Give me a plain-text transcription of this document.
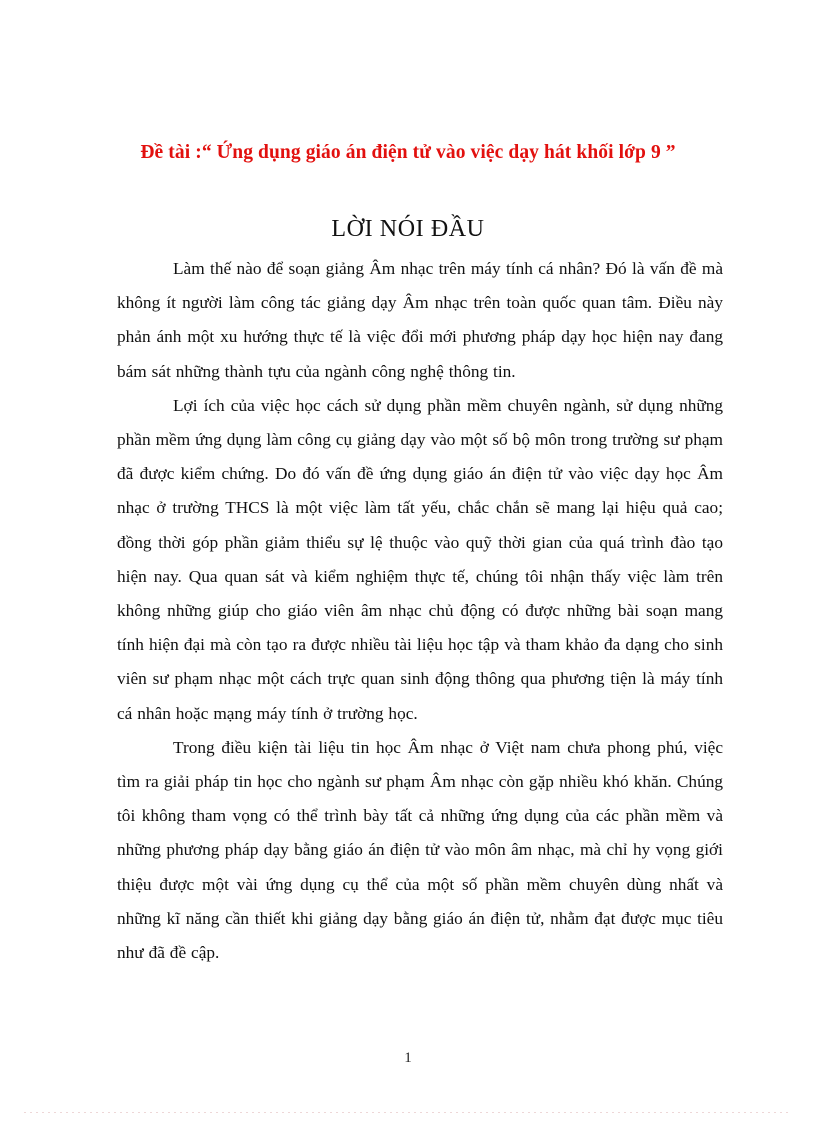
Đề tài :“ Ứng dụng giáo án điện tử vào việc dạy hát khối lớp 9 ”
LỜI NÓI ĐẦU

Làm thế nào để soạn giảng Âm nhạc trên máy tính cá nhân? Đó là vấn đề mà không ít người làm công tác giảng dạy Âm nhạc trên toàn quốc quan tâm. Điều này phản ánh một xu hướng thực tế là việc đổi mới phương pháp dạy học hiện nay đang bám sát những thành tựu của ngành công nghệ thông tin.

Lợi ích của việc học cách sử dụng phần mềm chuyên ngành, sử dụng những phần mềm ứng dụng làm công cụ giảng dạy vào một số bộ môn trong trường sư phạm đã được kiểm chứng. Do đó vấn đề ứng dụng giáo án điện tử vào việc dạy học Âm nhạc ở trường THCS là một việc làm tất yếu, chắc chắn sẽ mang lại hiệu quả cao; đồng thời góp phần giảm thiểu sự lệ thuộc vào quỹ thời gian của quá trình đào tạo hiện nay. Qua quan sát và kiểm nghiệm thực tế, chúng tôi nhận thấy việc làm trên không những giúp cho giáo viên âm nhạc chủ động có được những bài soạn mang tính hiện đại mà còn tạo ra được nhiều tài liệu học tập và tham khảo đa dạng cho sinh viên sư phạm nhạc một cách trực quan sinh động thông qua phương tiện là máy tính cá nhân hoặc mạng máy tính ở trường học.

Trong điều kiện tài liệu tin học Âm nhạc ở Việt nam chưa phong phú, việc tìm ra giải pháp tin học cho ngành sư phạm Âm nhạc còn gặp nhiều khó khăn. Chúng tôi không tham vọng có thể trình bày tất cả những ứng dụng của các phần mềm và những phương pháp dạy bằng giáo án điện tử vào môn âm nhạc, mà chỉ hy vọng giới thiệu được một vài ứng dụng cụ thể của một số phần mềm chuyên dùng nhất và những kĩ năng cần thiết khi giảng dạy bằng giáo án điện tử, nhằm đạt được mục tiêu như đã đề cập.

1
